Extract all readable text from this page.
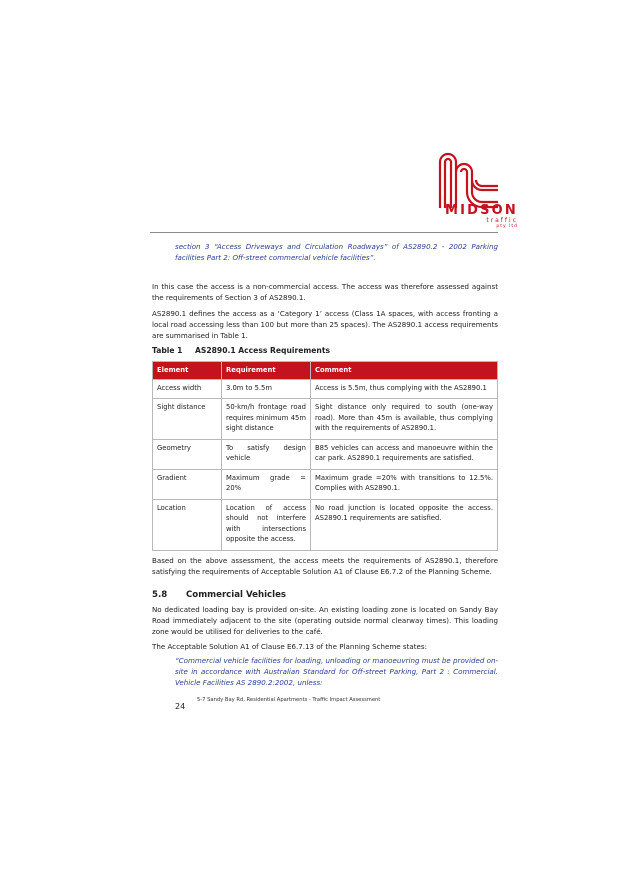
MIDSON
traffic
pty ltd
section 3 “Access Driveways and Circulation Roadways” of AS2890.2 - 2002 Parking facilities Part 2: Off-street commercial vehicle facilities”.
In this case the access is a non-commercial access. The access was therefore assessed against the requirements of Section 3 of AS2890.1.
AS2890.1 defines the access as a ‘Category 1’ access (Class 1A spaces, with access fronting a local road accessing less than 100 but more than 25 spaces). The AS2890.1 access requirements are summarised in Table 1.
Table 1 AS2890.1 Access Requirements
Element	Requirement	Comment
Access width	3.0m to 5.5m	Access is 5.5m, thus complying with the AS2890.1
Sight distance	50-km/h frontage road requires minimum 45m sight distance	Sight distance only required to south (one-way road). More than 45m is available, thus complying with the requirements of AS2890.1.
Geometry	To satisfy design vehicle	B85 vehicles can access and manoeuvre within the car park. AS2890.1 requirements are satisfied.
Gradient	Maximum grade = 20%	Maximum grade =20% with transitions to 12.5%. Complies with AS2890.1.
Location	Location of access should not interfere with intersections opposite the access.	No road junction is located opposite the access. AS2890.1 requirements are satisfied.
Based on the above assessment, the access meets the requirements of AS2890.1, therefore satisfying the requirements of Acceptable Solution A1 of Clause E6.7.2 of the Planning Scheme.
5.8 Commercial Vehicles
No dedicated loading bay is provided on-site. An existing loading zone is located on Sandy Bay Road immediately adjacent to the site (operating outside normal clearway times). This loading zone would be utilised for deliveries to the café.
The Acceptable Solution A1 of Clause E6.7.13 of the Planning Scheme states:
“Commercial vehicle facilities for loading, unloading or manoeuvring must be provided on-site in accordance with Australian Standard for Off-street Parking, Part 2 : Commercial. Vehicle Facilities AS 2890.2:2002, unless:
24
5-7 Sandy Bay Rd, Residential Apartments - Traffic Impact Assessment
